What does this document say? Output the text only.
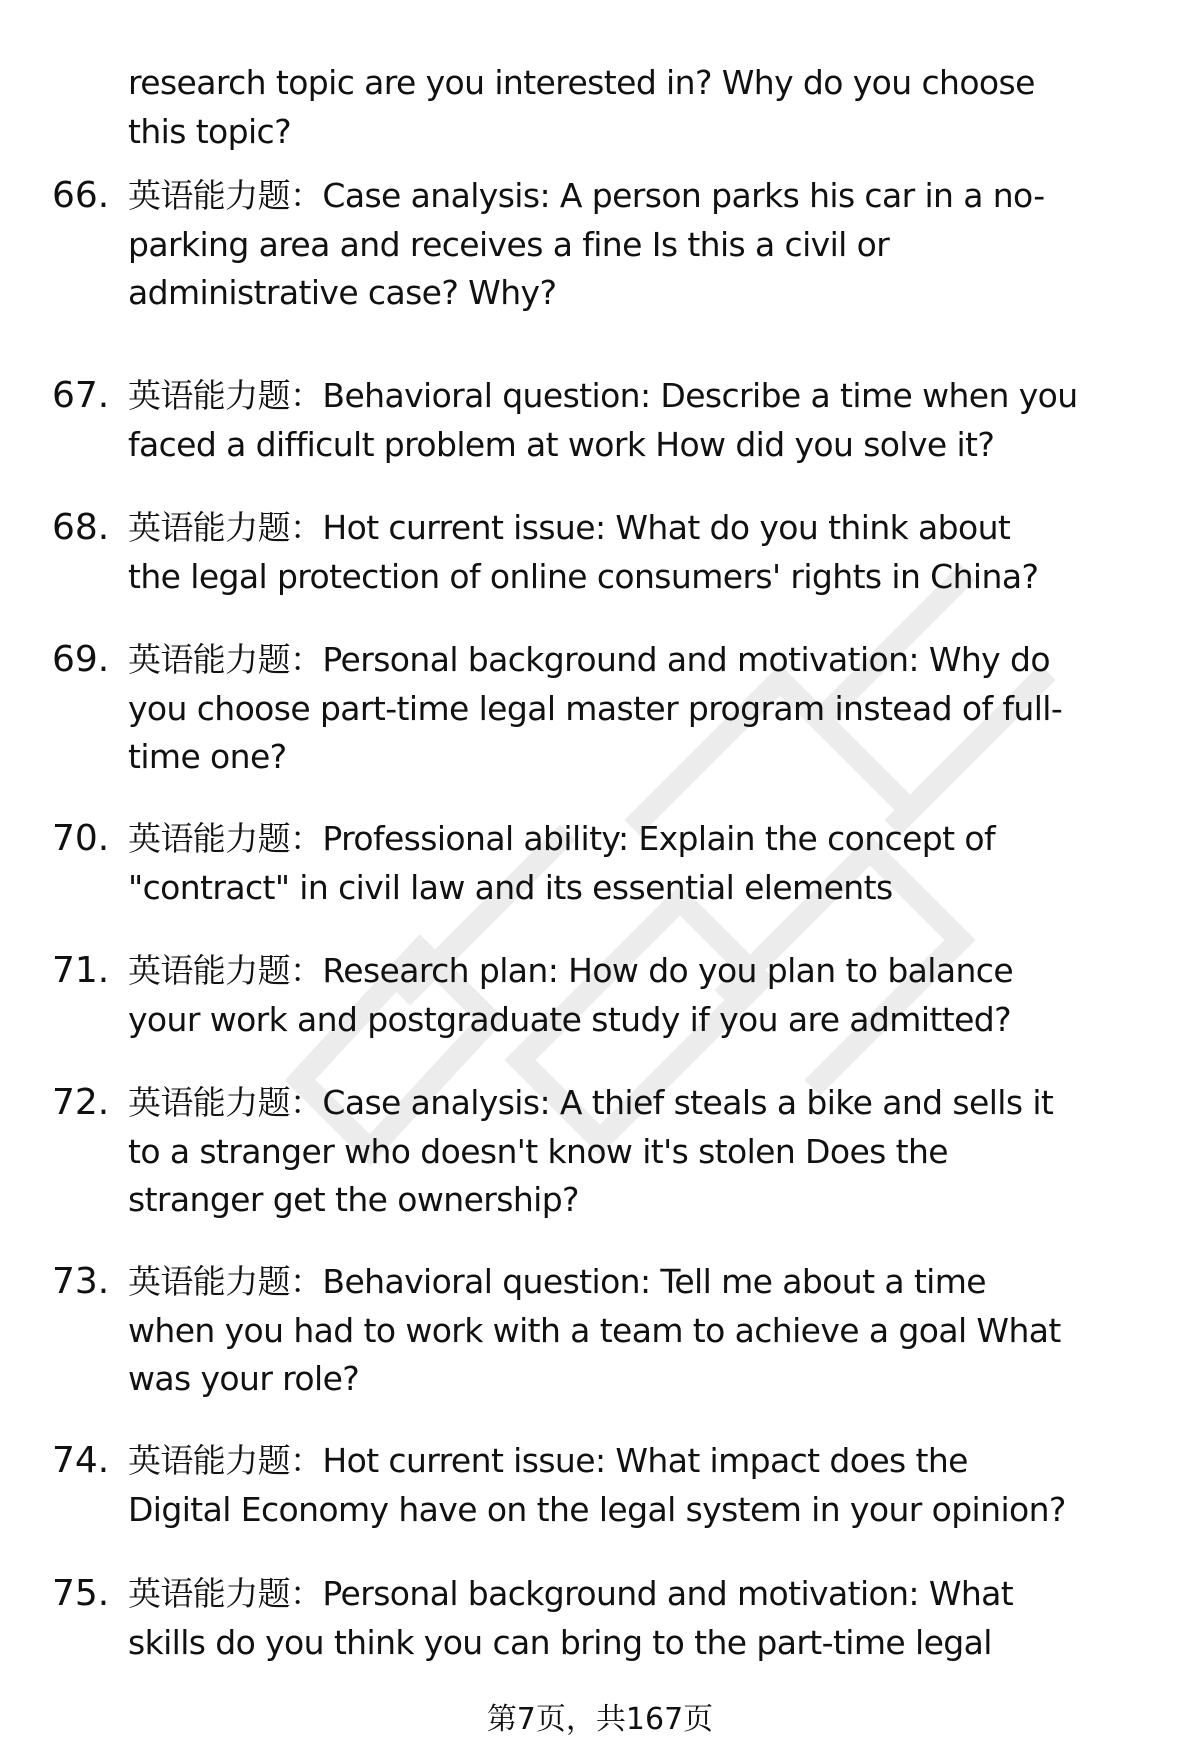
research topic are you interested in? Why do you choose
this topic?
66. 英语能力题：Case analysis: A person parks his car in a no-
parking area and receives a fine Is this a civil or
administrative case? Why?
67. 英语能力题：Behavioral question: Describe a time when you
faced a difficult problem at work How did you solve it?
68. 英语能力题：Hot current issue: What do you think about
the legal protection of online consumers' rights in China?
69. 英语能力题：Personal background and motivation: Why do
you choose part-time legal master program instead of full-
time one?
70. 英语能力题：Professional ability: Explain the concept of
"contract" in civil law and its essential elements
71. 英语能力题：Research plan: How do you plan to balance
your work and postgraduate study if you are admitted?
72. 英语能力题：Case analysis: A thief steals a bike and sells it
to a stranger who doesn't know it's stolen Does the
stranger get the ownership?
73. 英语能力题：Behavioral question: Tell me about a time
when you had to work with a team to achieve a goal What
was your role?
74. 英语能力题：Hot current issue: What impact does the
Digital Economy have on the legal system in your opinion?
75. 英语能力题：Personal background and motivation: What
skills do you think you can bring to the part-time legal
第7页，共167页
